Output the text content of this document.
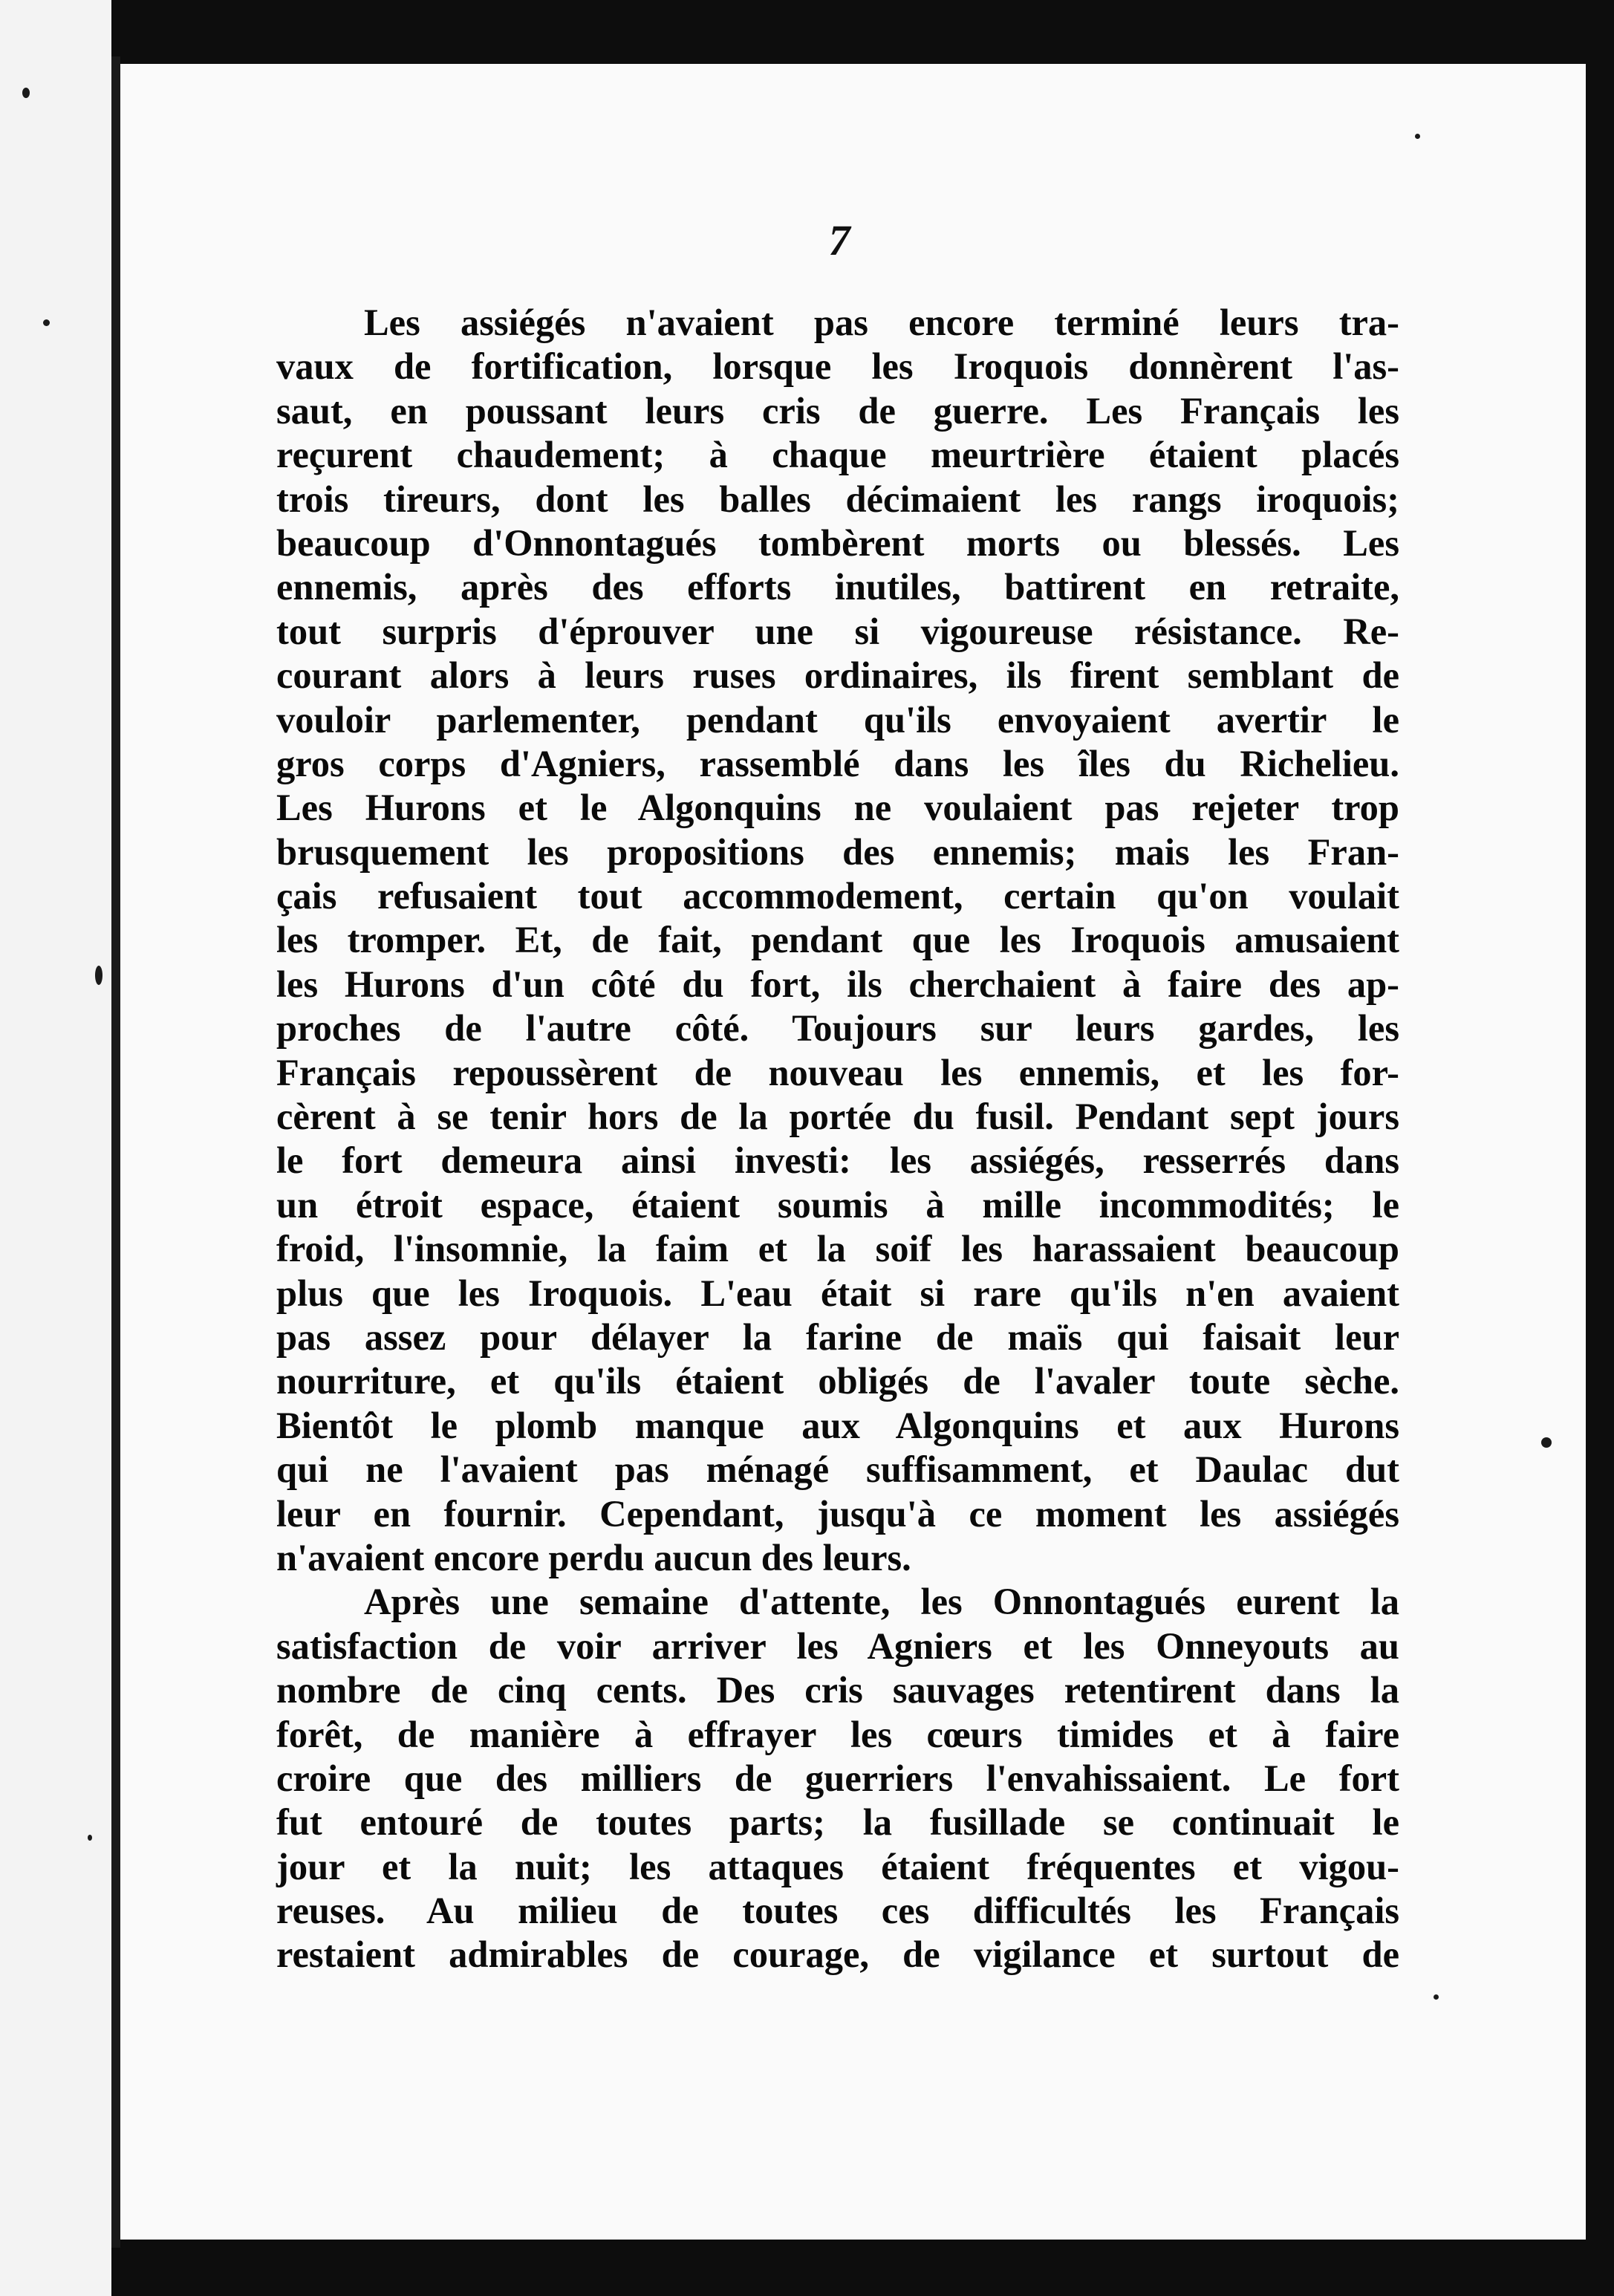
7
Les assiégés n'avaient pas encore terminé leurs tra-
vaux de fortification, lorsque les Iroquois donnèrent l'as-
saut, en poussant leurs cris de guerre. Les Français les
reçurent chaudement; à chaque meurtrière étaient placés
trois tireurs, dont les balles décimaient les rangs iroquois;
beaucoup d'Onnontagués tombèrent morts ou blessés. Les
ennemis, après des efforts inutiles, battirent en retraite,
tout surpris d'éprouver une si vigoureuse résistance. Re-
courant alors à leurs ruses ordinaires, ils firent semblant de
vouloir parlementer, pendant qu'ils envoyaient avertir le
gros corps d'Agniers, rassemblé dans les îles du Richelieu.
Les Hurons et le Algonquins ne voulaient pas rejeter trop
brusquement les propositions des ennemis; mais les Fran-
çais refusaient tout accommodement, certain qu'on voulait
les tromper. Et, de fait, pendant que les Iroquois amusaient
les Hurons d'un côté du fort, ils cherchaient à faire des ap-
proches de l'autre côté. Toujours sur leurs gardes, les
Français repoussèrent de nouveau les ennemis, et les for-
cèrent à se tenir hors de la portée du fusil. Pendant sept jours
le fort demeura ainsi investi: les assiégés, resserrés dans
un étroit espace, étaient soumis à mille incommodités; le
froid, l'insomnie, la faim et la soif les harassaient beaucoup
plus que les Iroquois. L'eau était si rare qu'ils n'en avaient
pas assez pour délayer la farine de maïs qui faisait leur
nourriture, et qu'ils étaient obligés de l'avaler toute sèche.
Bientôt le plomb manque aux Algonquins et aux Hurons
qui ne l'avaient pas ménagé suffisamment, et Daulac dut
leur en fournir. Cependant, jusqu'à ce moment les assiégés
n'avaient encore perdu aucun des leurs.
Après une semaine d'attente, les Onnontagués eurent la
satisfaction de voir arriver les Agniers et les Onneyouts au
nombre de cinq cents. Des cris sauvages retentirent dans la
forêt, de manière à effrayer les cœurs timides et à faire
croire que des milliers de guerriers l'envahissaient. Le fort
fut entouré de toutes parts; la fusillade se continuait le
jour et la nuit; les attaques étaient fréquentes et vigou-
reuses. Au milieu de toutes ces difficultés les Français
restaient admirables de courage, de vigilance et surtout de
